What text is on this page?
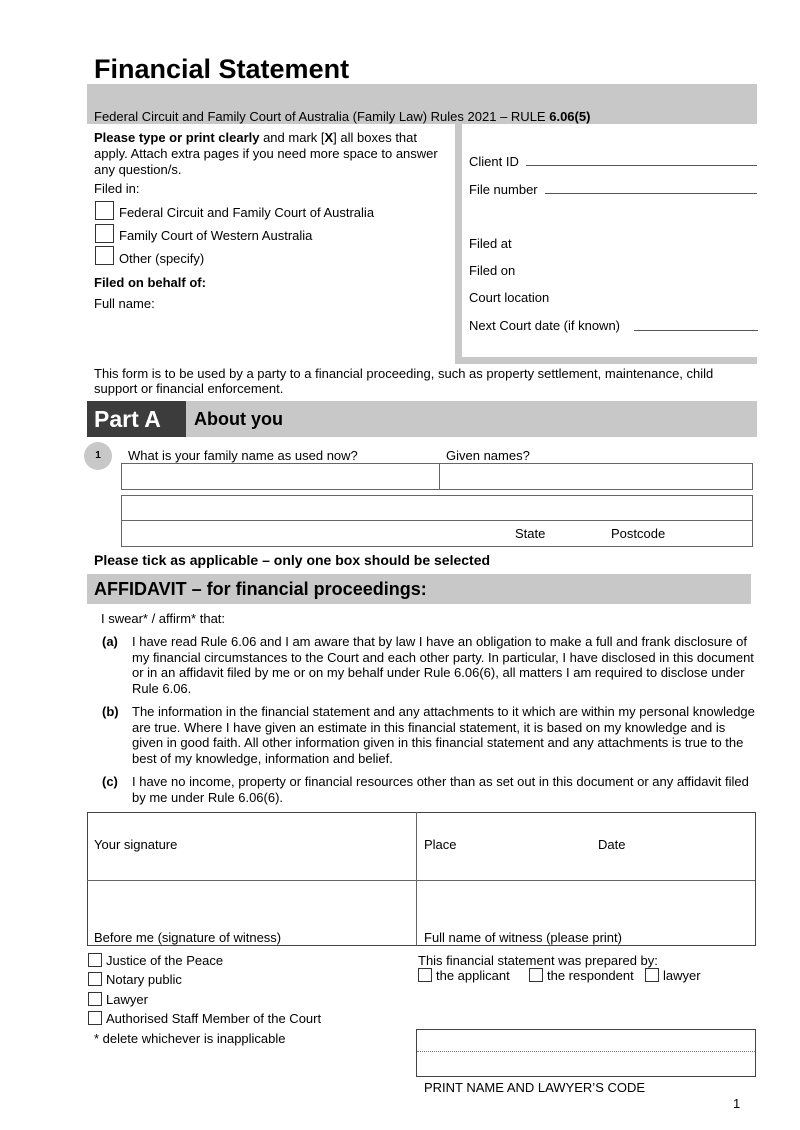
Financial Statement
Federal Circuit and Family Court of Australia (Family Law) Rules 2021 – RULE 6.06(5)
Please type or print clearly and mark [X] all boxes that apply. Attach extra pages if you need more space to answer any question/s.
Filed in:
Federal Circuit and Family Court of Australia
Family Court of Western Australia
Other (specify)
Filed on behalf of:
Full name:
Client ID
File number
Filed at
Filed on
Court location
Next Court date (if known)
This form is to be used by a party to a financial proceeding, such as property settlement, maintenance, child support or financial enforcement.
Part A About you
1	What is your family name as used now?	Given names?
State	Postcode
Please tick as applicable – only one box should be selected
AFFIDAVIT – for financial proceedings:
I swear* / affirm* that:
(a) I have read Rule 6.06 and I am aware that by law I have an obligation to make a full and frank disclosure of my financial circumstances to the Court and each other party. In particular, I have disclosed in this document or in an affidavit filed by me or on my behalf under Rule 6.06(6), all matters I am required to disclose under Rule 6.06.
(b) The information in the financial statement and any attachments to it which are within my personal knowledge are true. Where I have given an estimate in this financial statement, it is based on my knowledge and is given in good faith. All other information given in this financial statement and any attachments is true to the best of my knowledge, information and belief.
(c) I have no income, property or financial resources other than as set out in this document or any affidavit filed by me under Rule 6.06(6).
Your signature	Place	Date
Before me (signature of witness)	Full name of witness (please print)
Justice of the Peace
Notary public
Lawyer
Authorised Staff Member of the Court
* delete whichever is inapplicable
This financial statement was prepared by:
the applicant	the respondent lawyer
PRINT NAME AND LAWYER’S CODE
1
